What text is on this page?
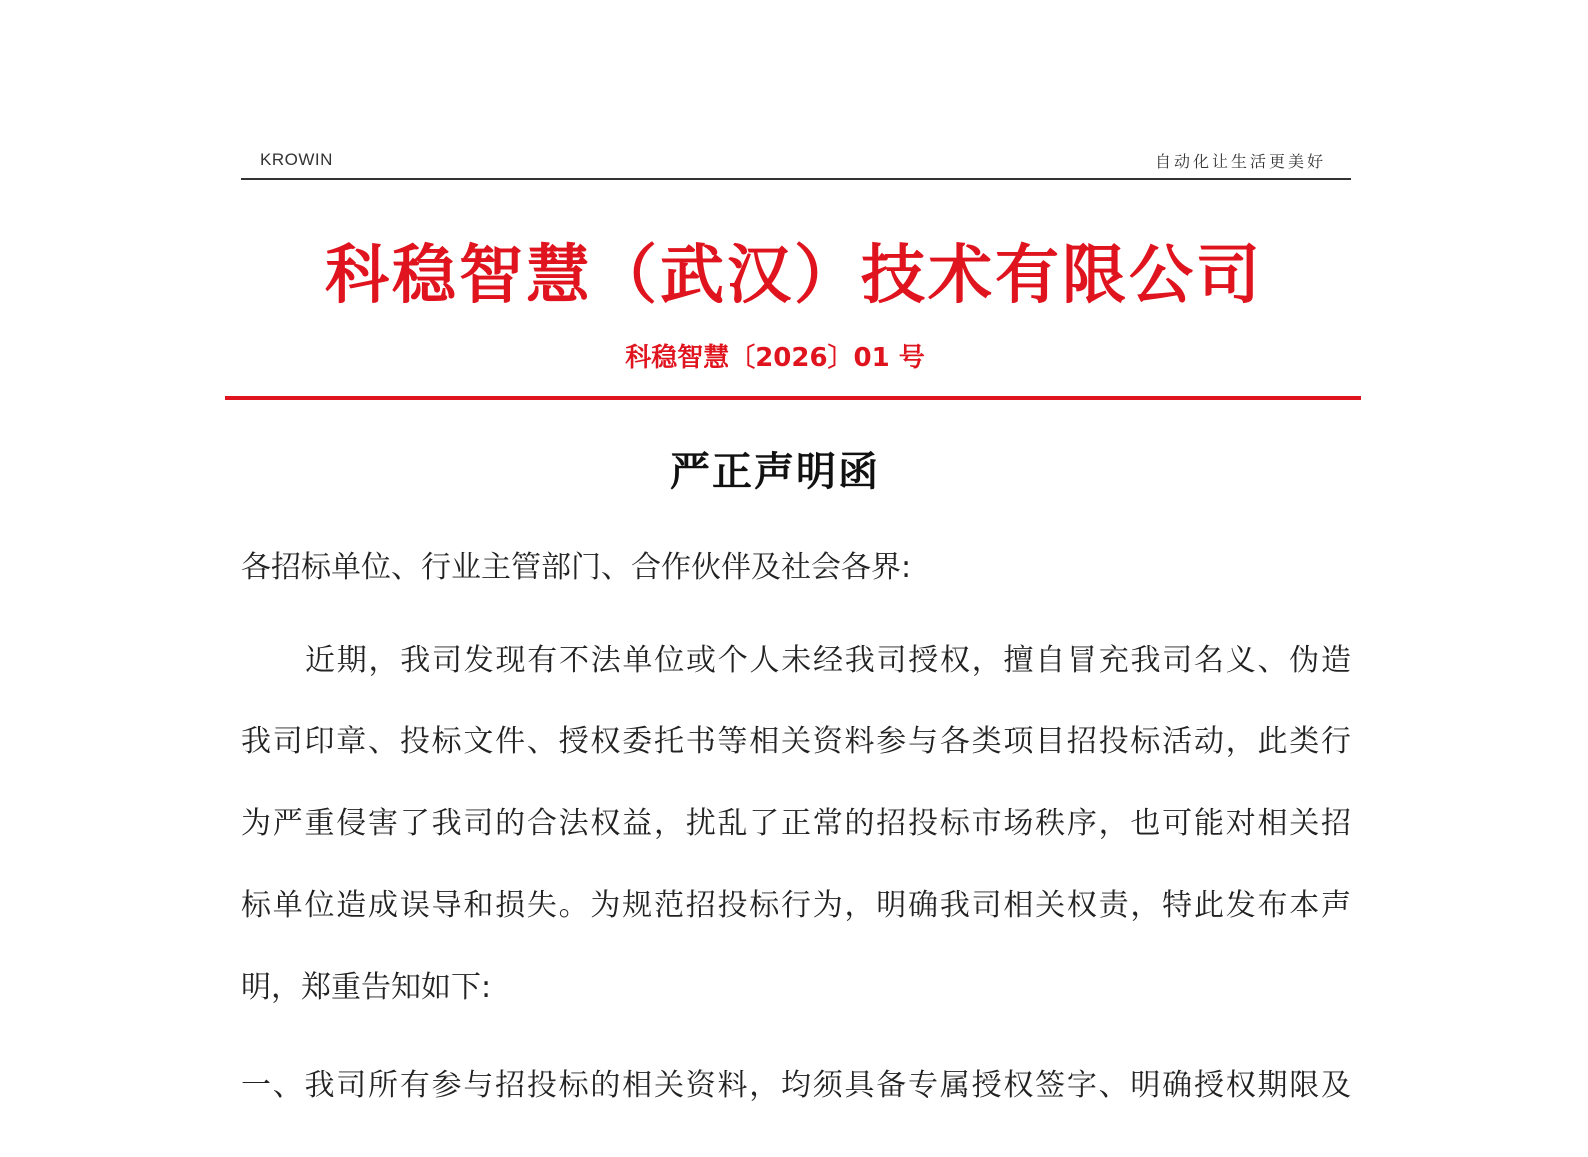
KROWIN	自动化让生活更美好
科稳智慧（武汉）技术有限公司
科稳智慧〔2026〕01 号
严正声明函
各招标单位、行业主管部门、合作伙伴及社会各界:
近期，我司发现有不法单位或个人未经我司授权，擅自冒充我司名义、伪造
我司印章、投标文件、授权委托书等相关资料参与各类项目招投标活动，此类行
为严重侵害了我司的合法权益，扰乱了正常的招投标市场秩序，也可能对相关招
标单位造成误导和损失。为规范招投标行为，明确我司相关权责，特此发布本声
明，郑重告知如下:
一、我司所有参与招投标的相关资料，均须具备专属授权签字、明确授权期限及
